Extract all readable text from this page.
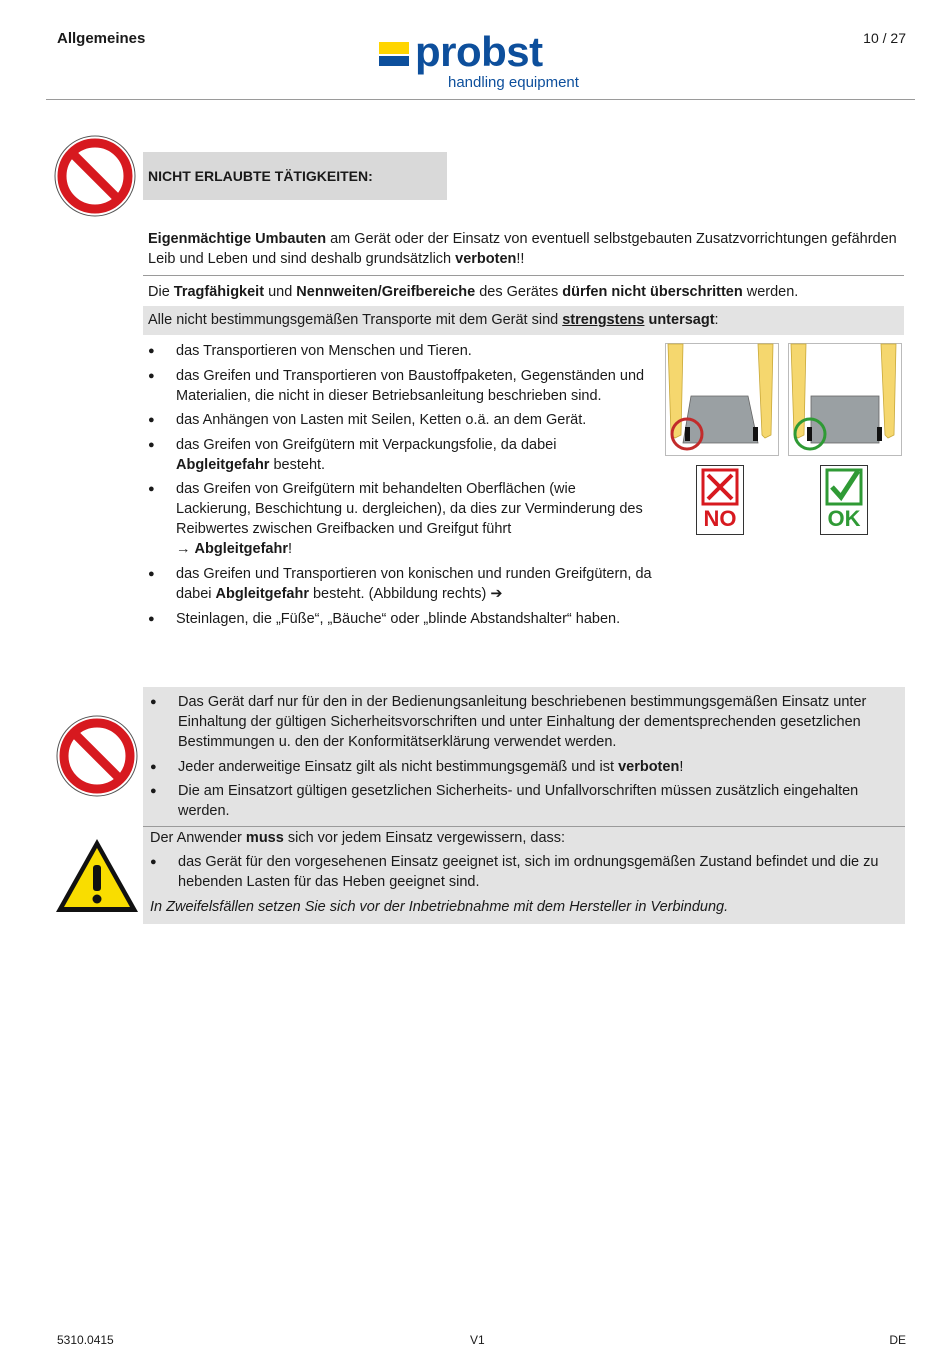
Allgemeines	10 / 27
probst
handling equipment
NICHT ERLAUBTE TÄTIGKEITEN:
Eigenmächtige Umbauten am Gerät oder der Einsatz von eventuell selbstgebauten Zusatzvorrichtungen gefährden Leib und Leben und sind deshalb grundsätzlich verboten!!
Die Tragfähigkeit und Nennweiten/Greifbereiche des Gerätes dürfen nicht überschritten werden.
Alle nicht bestimmungsgemäßen Transporte mit dem Gerät sind strengstens untersagt:
● das Transportieren von Menschen und Tieren.
● das Greifen und Transportieren von Baustoffpaketen, Gegenständen und Materialien, die nicht in dieser Betriebsanleitung beschrieben sind.
● das Anhängen von Lasten mit Seilen, Ketten o.ä. an dem Gerät.
● das Greifen von Greifgütern mit Verpackungsfolie, da dabei Abgleitgefahr besteht.
● das Greifen von Greifgütern mit behandelten Oberflächen (wie Lackierung, Beschichtung u. dergleichen), da dies zur Verminderung des Reibwertes zwischen Greifbacken und Greifgut führt
→ Abgleitgefahr!
● das Greifen und Transportieren von konischen und runden Greifgütern, da dabei Abgleitgefahr besteht. (Abbildung rechts) ➔
● Steinlagen, die „Füße“, „Bäuche“ oder „blinde Abstandshalter“ haben.
NO	OK
● Das Gerät darf nur für den in der Bedienungsanleitung beschriebenen bestimmungsgemäßen Einsatz unter Einhaltung der gültigen Sicherheitsvorschriften und unter Einhaltung der dementsprechenden gesetzlichen Bestimmungen u. den der Konformitätserklärung verwendet werden.
● Jeder anderweitige Einsatz gilt als nicht bestimmungsgemäß und ist verboten!
● Die am Einsatzort gültigen gesetzlichen Sicherheits- und Unfallvorschriften müssen zusätzlich eingehalten werden.
Der Anwender muss sich vor jedem Einsatz vergewissern, dass:
● das Gerät für den vorgesehenen Einsatz geeignet ist, sich im ordnungsgemäßen Zustand befindet und die zu hebenden Lasten für das Heben geeignet sind.
In Zweifelsfällen setzen Sie sich vor der Inbetriebnahme mit dem Hersteller in Verbindung.
5310.0415	V1	DE
